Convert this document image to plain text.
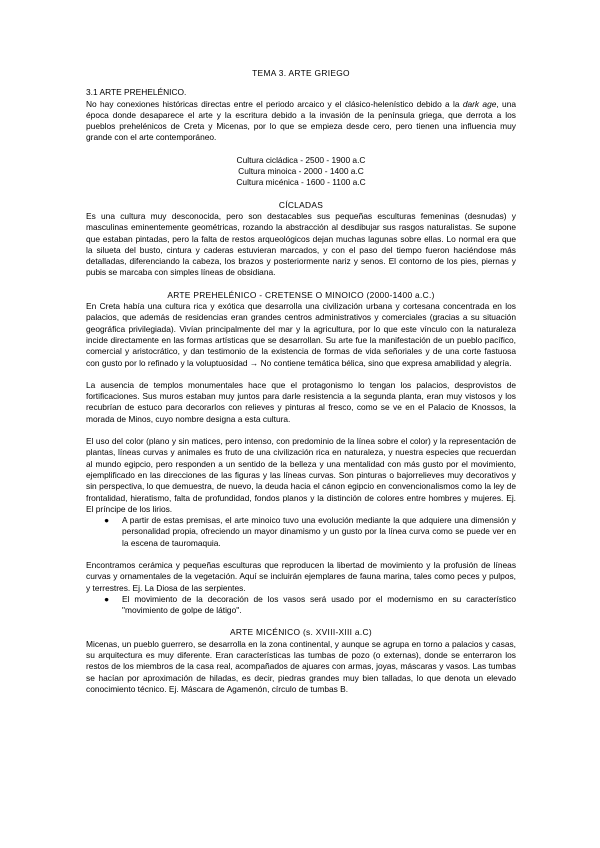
TEMA 3. ARTE GRIEGO

3.1 ARTE PREHELÉNICO.

No hay conexiones históricas directas entre el periodo arcaico y el clásico-helenístico debido a la dark age, una época donde desaparece el arte y la escritura debido a la invasión de la península griega, que derrota a los pueblos prehelénicos de Creta y Micenas, por lo que se empieza desde cero, pero tienen una influencia muy grande con el arte contemporáneo.

Cultura cicládica - 2500 - 1900 a.C

Cultura minoica - 2000 - 1400 a.C

Cultura micénica - 1600 - 1100 a.C

CÍCLADAS

Es una cultura muy desconocida, pero son destacables sus pequeñas esculturas femeninas (desnudas) y masculinas eminentemente geométricas, rozando la abstracción al desdibujar sus rasgos naturalistas. Se supone que estaban pintadas, pero la falta de restos arqueológicos dejan muchas lagunas sobre ellas. Lo normal era que la silueta del busto, cintura y caderas estuvieran marcados, y con el paso del tiempo fueron haciéndose más detalladas, diferenciando la cabeza, los brazos y posteriormente nariz y senos. El contorno de los pies, piernas y pubis se marcaba con simples líneas de obsidiana.

ARTE PREHELÉNICO - CRETENSE O MINOICO (2000-1400 a.C.)

En Creta había una cultura rica y exótica que desarrolla una civilización urbana y cortesana concentrada en los palacios, que además de residencias eran grandes centros administrativos y comerciales (gracias a su situación geográfica privilegiada). Vivían principalmente del mar y la agricultura, por lo que este vínculo con la naturaleza incide directamente en las formas artísticas que se desarrollan. Su arte fue la manifestación de un pueblo pacífico, comercial y aristocrático, y dan testimonio de la existencia de formas de vida señoriales y de una corte fastuosa con gusto por lo refinado y la voluptuosidad → No contiene temática bélica, sino que expresa amabilidad y alegría.

La ausencia de templos monumentales hace que el protagonismo lo tengan los palacios, desprovistos de fortificaciones. Sus muros estaban muy juntos para darle resistencia a la segunda planta, eran muy vistosos y los recubrían de estuco para decorarlos con relieves y pinturas al fresco, como se ve en el Palacio de Knossos, la morada de Minos, cuyo nombre designa a esta cultura.

El uso del color (plano y sin matices, pero intenso, con predominio de la línea sobre el color) y la representación de plantas, líneas curvas y animales es fruto de una civilización rica en naturaleza, y nuestra especies que recuerdan al mundo egipcio, pero responden a un sentido de la belleza y una mentalidad con más gusto por el movimiento, ejemplificado en las direcciones de las figuras y las líneas curvas. Son pinturas o bajorrelieves muy decorativos y sin perspectiva, lo que demuestra, de nuevo, la deuda hacia el cánon egipcio en convencionalismos como la ley de frontalidad, hieratismo, falta de profundidad, fondos planos y la distinción de colores entre hombres y mujeres. Ej. El príncipe de los lirios.

●	A partir de estas premisas, el arte minoico tuvo una evolución mediante la que adquiere una dimensión y personalidad propia, ofreciendo un mayor dinamismo y un gusto por la línea curva como se puede ver en la escena de tauromaquia.

Encontramos cerámica y pequeñas esculturas que reproducen la libertad de movimiento y la profusión de líneas curvas y ornamentales de la vegetación. Aquí se incluirán ejemplares de fauna marina, tales como peces y pulpos, y terrestres. Ej. La Diosa de las serpientes.

●	El movimiento de la decoración de los vasos será usado por el modernismo en su característico "movimiento de golpe de látigo".

ARTE MICÉNICO (s. XVIII-XIII a.C)

Micenas, un pueblo guerrero, se desarrolla en la zona continental, y aunque se agrupa en torno a palacios y casas, su arquitectura es muy diferente. Eran características las tumbas de pozo (o externas), donde se enterraron los restos de los miembros de la casa real, acompañados de ajuares con armas, joyas, máscaras y vasos. Las tumbas se hacían por aproximación de hiladas, es decir, piedras grandes muy bien talladas, lo que denota un elevado conocimiento técnico. Ej. Máscara de Agamenón, círculo de tumbas B.
